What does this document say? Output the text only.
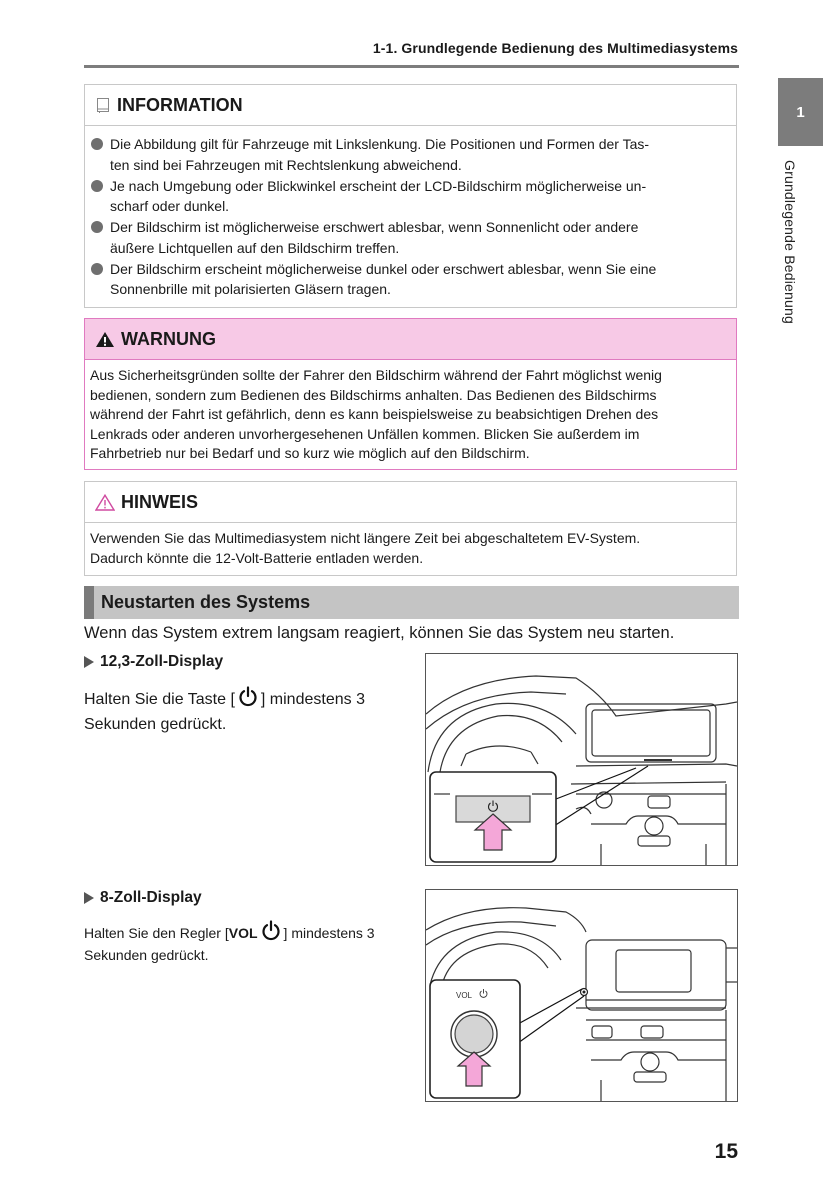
1-1. Grundlegende Bedienung des Multimediasystems
1
Grundlegende Bedienung
INFORMATION
Die Abbildung gilt für Fahrzeuge mit Linkslenkung. Die Positionen und Formen der Tas-
ten sind bei Fahrzeugen mit Rechtslenkung abweichend.
Je nach Umgebung oder Blickwinkel erscheint der LCD-Bildschirm möglicherweise un-
scharf oder dunkel.
Der Bildschirm ist möglicherweise erschwert ablesbar, wenn Sonnenlicht oder andere
äußere Lichtquellen auf den Bildschirm treffen.
Der Bildschirm erscheint möglicherweise dunkel oder erschwert ablesbar, wenn Sie eine
Sonnenbrille mit polarisierten Gläsern tragen.
WARNUNG
Aus Sicherheitsgründen sollte der Fahrer den Bildschirm während der Fahrt möglichst wenig
bedienen, sondern zum Bedienen des Bildschirms anhalten. Das Bedienen des Bildschirms
während der Fahrt ist gefährlich, denn es kann beispielsweise zu beabsichtigen Drehen des
Lenkrads oder anderen unvorhergesehenen Unfällen kommen. Blicken Sie außerdem im
Fahrbetrieb nur bei Bedarf und so kurz wie möglich auf den Bildschirm.
HINWEIS
Verwenden Sie das Multimediasystem nicht längere Zeit bei abgeschaltetem EV-System.
Dadurch könnte die 12-Volt-Batterie entladen werden.
Neustarten des Systems
Wenn das System extrem langsam reagiert, können Sie das System neu starten.
12,3-Zoll-Display
Halten Sie die Taste [ ] mindestens 3
Sekunden gedrückt.
8-Zoll-Display
Halten Sie den Regler [VOL ] mindestens 3
Sekunden gedrückt.
VOL
15
